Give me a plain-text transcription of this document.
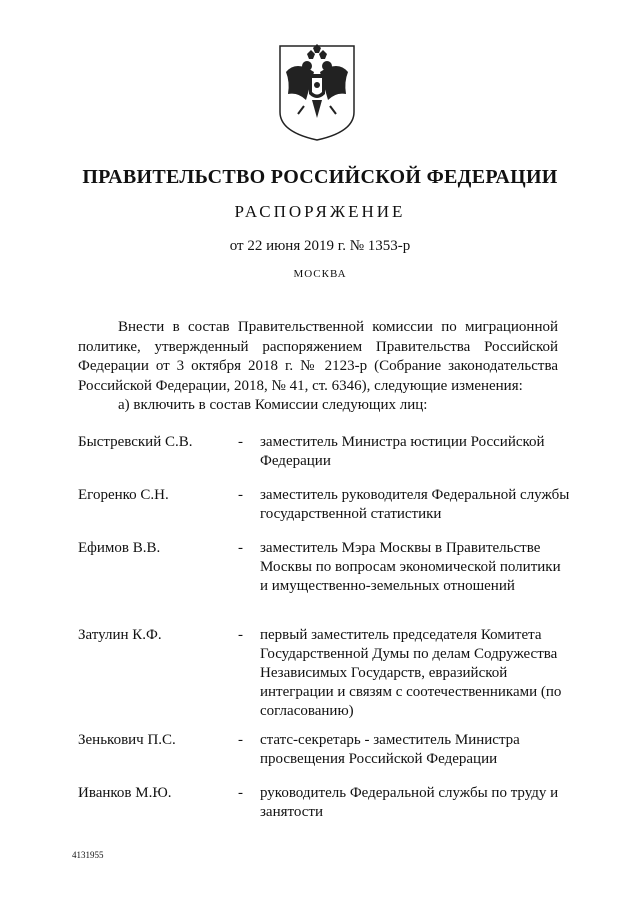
ПРАВИТЕЛЬСТВО РОССИЙСКОЙ ФЕДЕРАЦИИ
РАСПОРЯЖЕНИЕ
от 22 июня 2019 г. № 1353-р
МОСКВА

Внести в состав Правительственной комиссии по миграционной политике, утвержденный распоряжением Правительства Российской Федерации от 3 октября 2018 г. № 2123-р (Собрание законодательства Российской Федерации, 2018, № 41, ст. 6346), следующие изменения:

а) включить в состав Комиссии следующих лиц:

Быстревский С.В.	- заместитель Министра юстиции Российской Федерации
Егоренко С.Н.	- заместитель руководителя Федеральной службы государственной статистики
Ефимов В.В.	- заместитель Мэра Москвы в Правительстве Москвы по вопросам экономической политики и имущественно-земельных отношений
Затулин К.Ф.	- первый заместитель председателя Комитета Государственной Думы по делам Содружества Независимых Государств, евразийской интеграции и связям с соотечественниками (по согласованию)
Зенькович П.С.	- статс-секретарь - заместитель Министра просвещения Российской Федерации
Иванков М.Ю.	- руководитель Федеральной службы по труду и занятости
4131955
